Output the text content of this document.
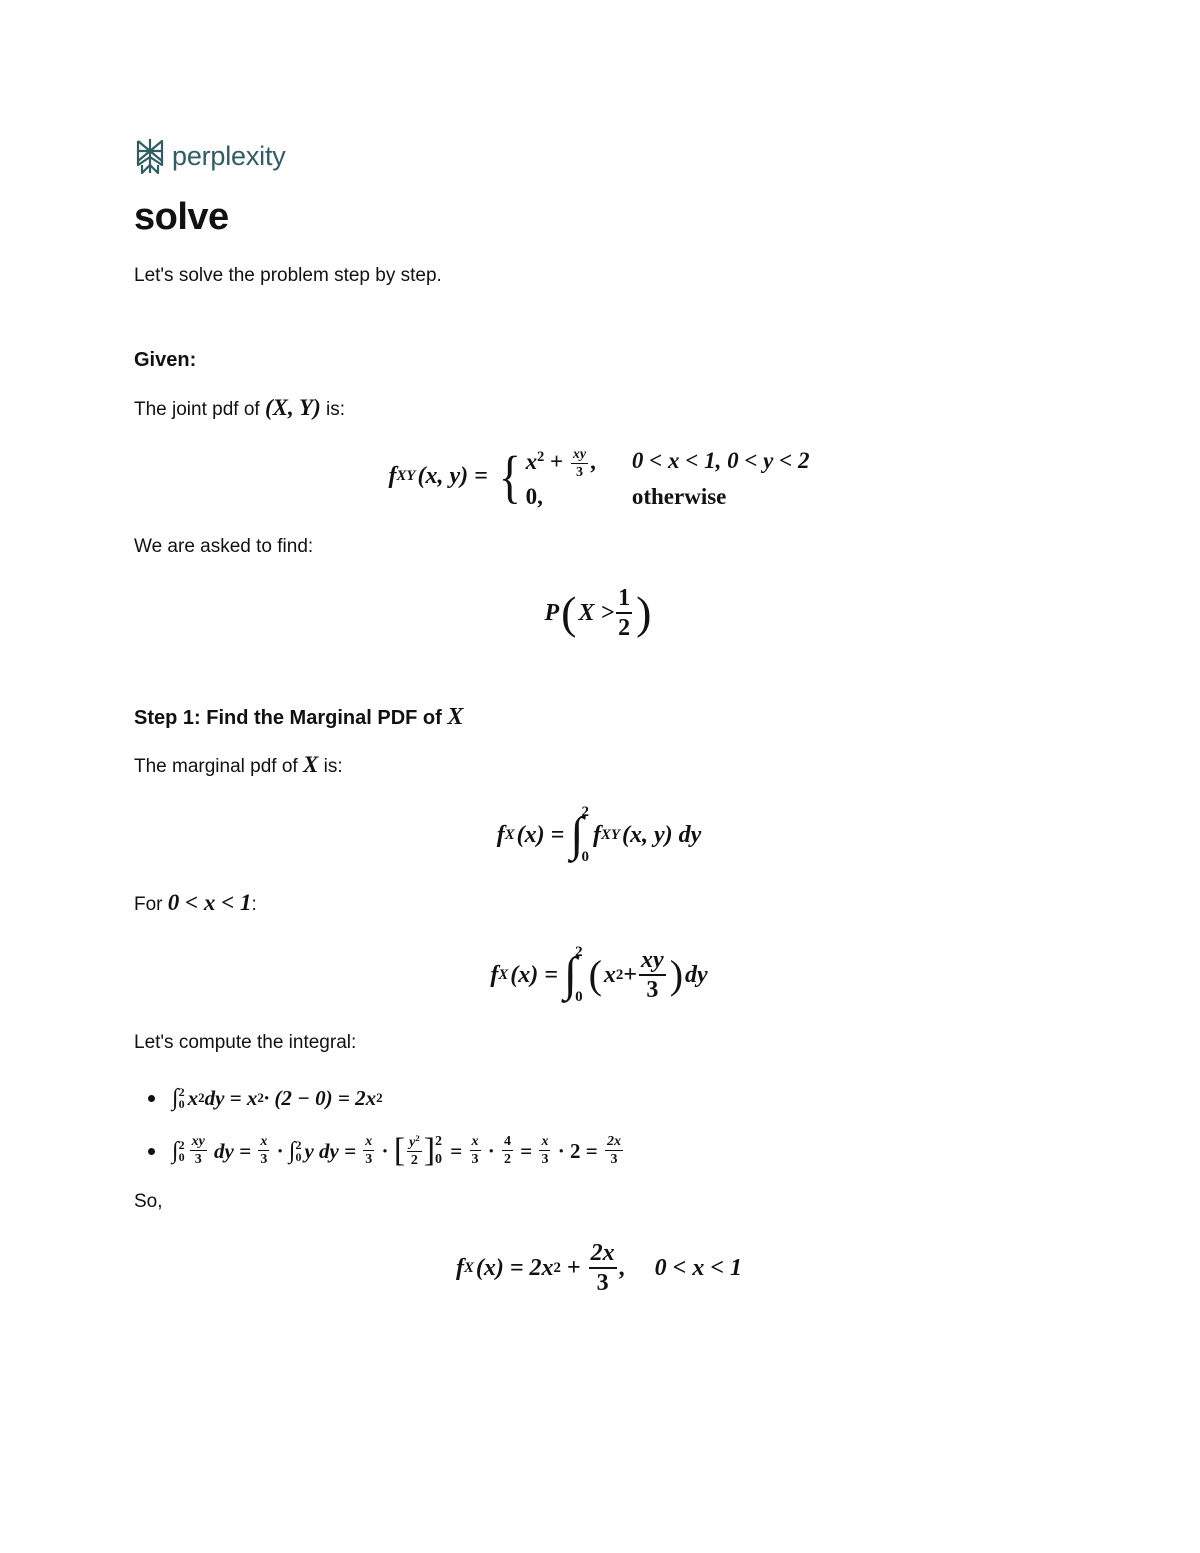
perplexity
solve

Let's solve the problem step by step.

Given:

The joint pdf of (X, Y) is:

f XY (x, y) = { $x^2 + \frac{xy}{3}$ ,	0 < x < 1, 0 < y < 2
0,	otherwise

We are asked to find:

P ( $X > \frac{1}{2}$ )
Step 1: Find the Marginal PDF of X

The marginal pdf of X is:

f X (x) = ∫
2
0
f XY (x, y) dy

For 0 < x < 1:

f X (x) = ∫
2
0 ( x $2 + \frac{xy}{3}$ ) dy

Let's compute the integral:

∫ 2
0 x 2 dy = x 2 · (2 − 0) = 2x 2
∫ 2
$0 \frac{xy}{3}$ dy = $\frac{x}{3}$ · ∫ 2
0 y dy = $\frac{x}{3}$ · [ $\frac{y^2}{2}$ ] 2
$0 = \frac{x}{3} \cdot \frac{4}{2} = \frac{x}{3} \cdot 2 = \frac{2x}{3}$

So,

f X (x) = 2x $2 + \frac{2x}{3}$ , 0 < x < 1
